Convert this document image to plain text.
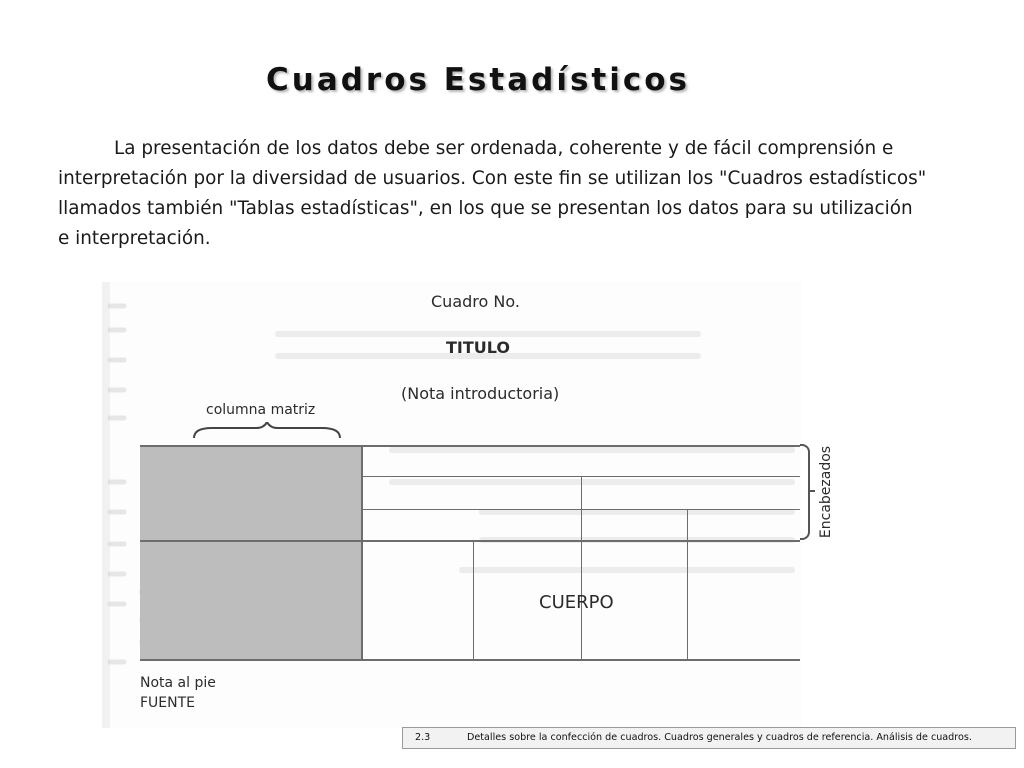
Cuadros Estadísticos
La presentación de los datos debe ser ordenada, coherente y de fácil comprensión e
interpretación por la diversidad de usuarios. Con este fin se utilizan los "Cuadros estadísticos"
llamados también "Tablas estadísticas", en los que se presentan los datos para su utilización
e interpretación.
Cuadro No.
TITULO
(Nota introductoria)
columna matriz
CUERPO
Nota al pie
FUENTE
Encabezados
2.3	Detalles sobre la confección de cuadros. Cuadros generales y cuadros de referencia. Análisis de cuadros.
